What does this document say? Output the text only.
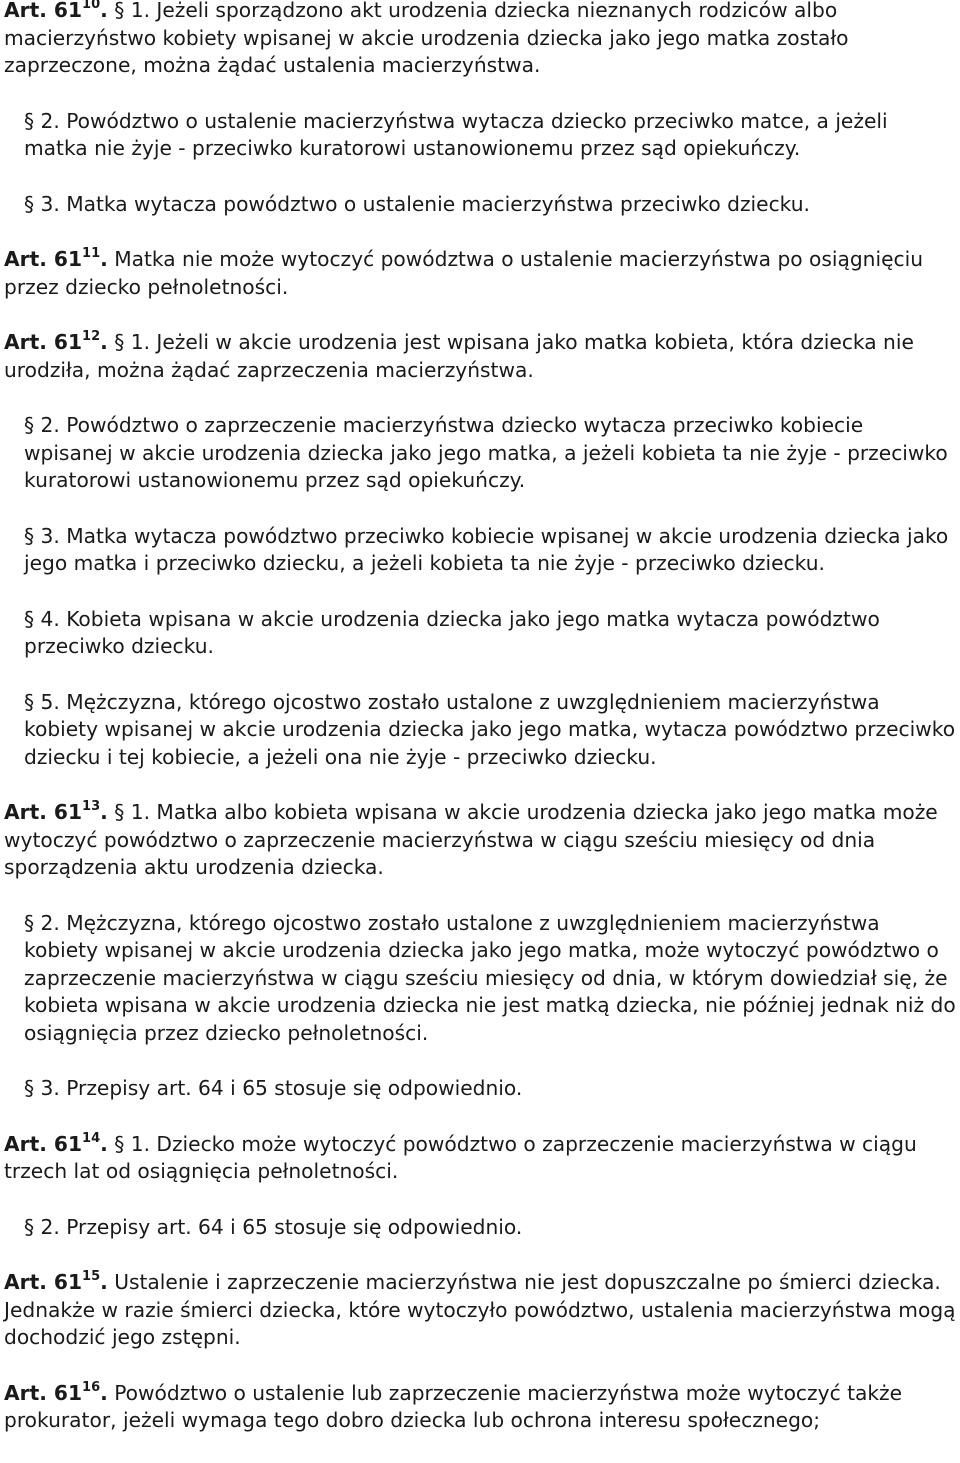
Art. $61^{10}$. § 1. Jeżeli sporządzono akt urodzenia dziecka nieznanych rodziców albo macierzyństwo kobiety wpisanej w akcie urodzenia dziecka jako jego matka zostało zaprzeczone, można żądać ustalenia macierzyństwa.

§ 2. Powództwo o ustalenie macierzyństwa wytacza dziecko przeciwko matce, a jeżeli matka nie żyje - przeciwko kuratorowi ustanowionemu przez sąd opiekuńczy.

§ 3. Matka wytacza powództwo o ustalenie macierzyństwa przeciwko dziecku.

Art. $61^{11}$. Matka nie może wytoczyć powództwa o ustalenie macierzyństwa po osiągnięciu przez dziecko pełnoletności.

Art. $61^{12}$. § 1. Jeżeli w akcie urodzenia jest wpisana jako matka kobieta, która dziecka nie urodziła, można żądać zaprzeczenia macierzyństwa.

§ 2. Powództwo o zaprzeczenie macierzyństwa dziecko wytacza przeciwko kobiecie wpisanej w akcie urodzenia dziecka jako jego matka, a jeżeli kobieta ta nie żyje - przeciwko kuratorowi ustanowionemu przez sąd opiekuńczy.

§ 3. Matka wytacza powództwo przeciwko kobiecie wpisanej w akcie urodzenia dziecka jako jego matka i przeciwko dziecku, a jeżeli kobieta ta nie żyje - przeciwko dziecku.

§ 4. Kobieta wpisana w akcie urodzenia dziecka jako jego matka wytacza powództwo przeciwko dziecku.

§ 5. Mężczyzna, którego ojcostwo zostało ustalone z uwzględnieniem macierzyństwa kobiety wpisanej w akcie urodzenia dziecka jako jego matka, wytacza powództwo przeciwko dziecku i tej kobiecie, a jeżeli ona nie żyje - przeciwko dziecku.

Art. $61^{13}$. § 1. Matka albo kobieta wpisana w akcie urodzenia dziecka jako jego matka może wytoczyć powództwo o zaprzeczenie macierzyństwa w ciągu sześciu miesięcy od dnia sporządzenia aktu urodzenia dziecka.

§ 2. Mężczyzna, którego ojcostwo zostało ustalone z uwzględnieniem macierzyństwa kobiety wpisanej w akcie urodzenia dziecka jako jego matka, może wytoczyć powództwo o zaprzeczenie macierzyństwa w ciągu sześciu miesięcy od dnia, w którym dowiedział się, że kobieta wpisana w akcie urodzenia dziecka nie jest matką dziecka, nie później jednak niż do osiągnięcia przez dziecko pełnoletności.

§ 3. Przepisy art. 64 i 65 stosuje się odpowiednio.

Art. $61^{14}$. § 1. Dziecko może wytoczyć powództwo o zaprzeczenie macierzyństwa w ciągu trzech lat od osiągnięcia pełnoletności.

§ 2. Przepisy art. 64 i 65 stosuje się odpowiednio.

Art. $61^{15}$. Ustalenie i zaprzeczenie macierzyństwa nie jest dopuszczalne po śmierci dziecka. Jednakże w razie śmierci dziecka, które wytoczyło powództwo, ustalenia macierzyństwa mogą dochodzić jego zstępni.

Art. $61^{16}$. Powództwo o ustalenie lub zaprzeczenie macierzyństwa może wytoczyć także prokurator, jeżeli wymaga tego dobro dziecka lub ochrona interesu społecznego;
